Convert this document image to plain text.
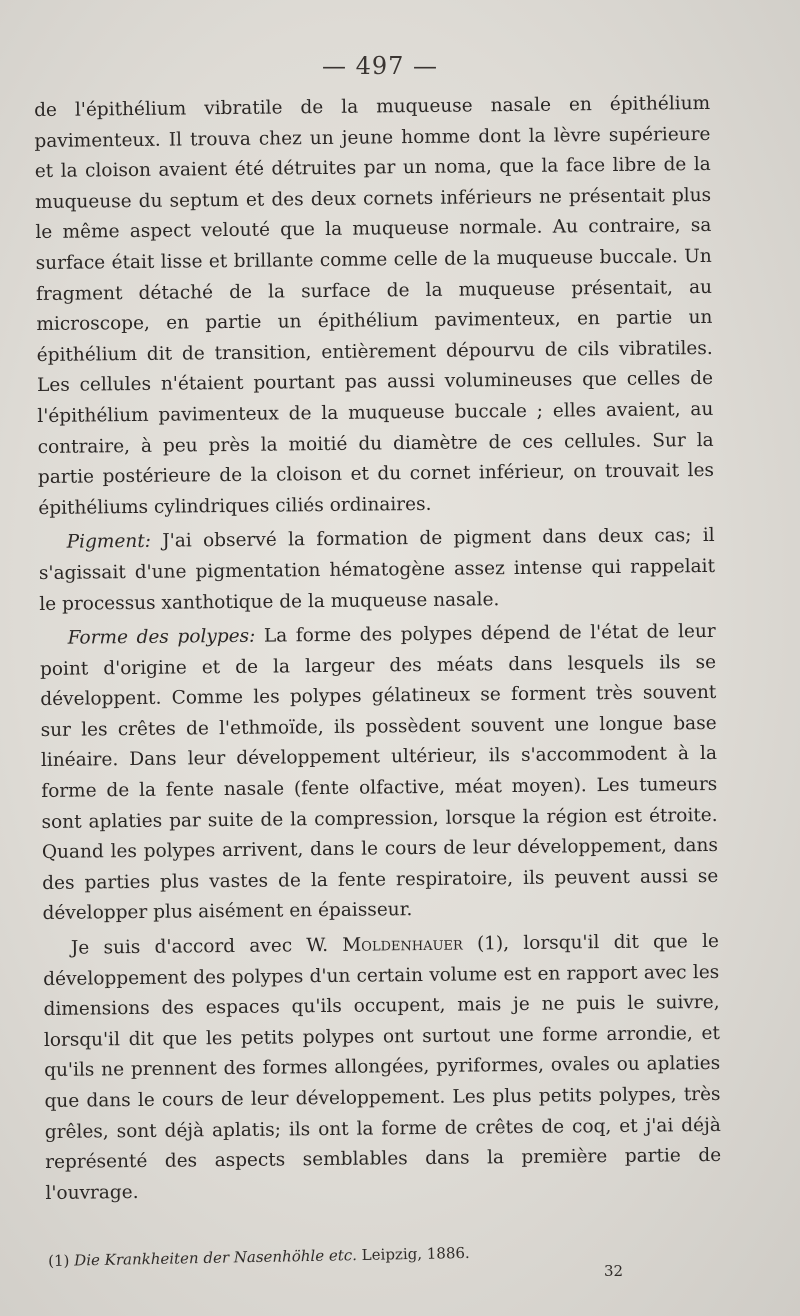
— 497 —

de l'épithélium vibratile de la muqueuse nasale en épithélium pavimenteux. Il trouva chez un jeune homme dont la lèvre supérieure et la cloison avaient été détruites par un noma, que la face libre de la muqueuse du septum et des deux cornets inférieurs ne présentait plus le même aspect velouté que la muqueuse normale. Au contraire, sa surface était lisse et brillante comme celle de la muqueuse buccale. Un fragment détaché de la surface de la muqueuse présentait, au microscope, en partie un épithélium pavimenteux, en partie un épithélium dit de transition, entièrement dépourvu de cils vibratiles. Les cellules n'étaient pourtant pas aussi volumineuses que celles de l'épithélium pavimenteux de la muqueuse buccale ; elles avaient, au contraire, à peu près la moitié du diamètre de ces cellules. Sur la partie postérieure de la cloison et du cornet inférieur, on trouvait les épithéliums cylindriques ciliés ordinaires.

Pigment: J'ai observé la formation de pigment dans deux cas; il s'agissait d'une pigmentation hématogène assez intense qui rappelait le processus xanthotique de la muqueuse nasale.

Forme des polypes: La forme des polypes dépend de l'état de leur point d'origine et de la largeur des méats dans lesquels ils se développent. Comme les polypes gélatineux se forment très souvent sur les crêtes de l'ethmoïde, ils possèdent souvent une longue base linéaire. Dans leur développement ultérieur, ils s'accommodent à la forme de la fente nasale (fente olfactive, méat moyen). Les tumeurs sont aplaties par suite de la compression, lorsque la région est étroite. Quand les polypes arrivent, dans le cours de leur développement, dans des parties plus vastes de la fente respiratoire, ils peuvent aussi se développer plus aisément en épaisseur.

Je suis d'accord avec W. Moldenhauer (1), lorsqu'il dit que le développement des polypes d'un certain volume est en rapport avec les dimensions des espaces qu'ils occupent, mais je ne puis le suivre, lorsqu'il dit que les petits polypes ont surtout une forme arrondie, et qu'ils ne prennent des formes allongées, pyriformes, ovales ou aplaties que dans le cours de leur développement. Les plus petits polypes, très grêles, sont déjà aplatis; ils ont la forme de crêtes de coq, et j'ai déjà représenté des aspects semblables dans la première partie de l'ouvrage.

(1) Die Krankheiten der Nasenhöhle etc. Leipzig, 1886.
32
